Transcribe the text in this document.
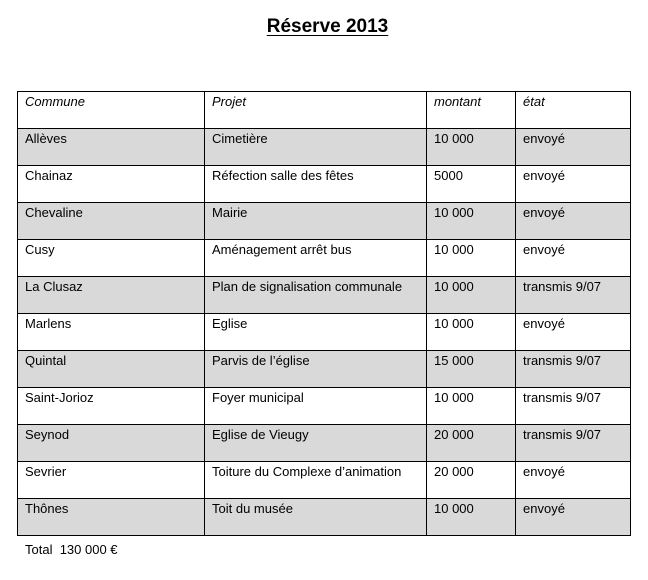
Réserve 2013
Commune	Projet	montant	état
Allèves	Cimetière	10 000	envoyé
Chainaz	Réfection salle des fêtes	5000	envoyé
Chevaline	Mairie	10 000	envoyé
Cusy	Aménagement arrêt bus	10 000	envoyé
La Clusaz	Plan de signalisation communale	10 000	transmis 9/07
Marlens	Eglise	10 000	envoyé
Quintal	Parvis de l’église	15 000	transmis 9/07
Saint-Jorioz	Foyer municipal	10 000	transmis 9/07
Seynod	Eglise de Vieugy	20 000	transmis 9/07
Sevrier	Toiture du Complexe d’animation	20 000	envoyé
Thônes	Toit du musée	10 000	envoyé
Total 130 000 €
